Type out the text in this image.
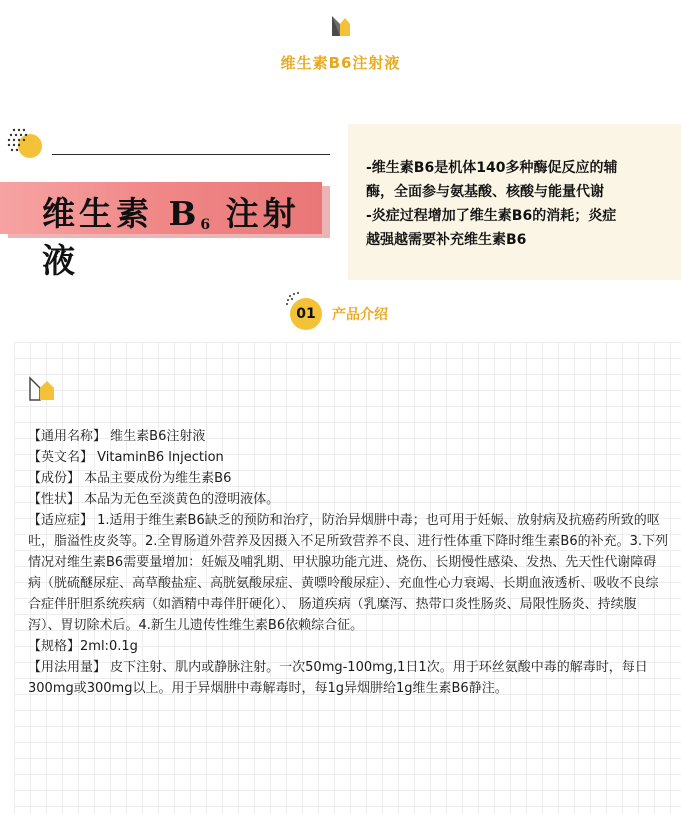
维生素B6注射液
维生素 $B_6$ 注射液
-维生素B6是机体140多种酶促反应的辅
酶，全面参与氨基酸、核酸与能量代谢
-炎症过程增加了维生素B6的消耗；炎症
越强越需要补充维生素B6
01	产品介绍
【通用名称】 维生素B6注射液
【英文名】 VitaminB6 lnjection
【成份】 本品主要成份为维生素B6
【性状】 本品为无色至淡黄色的澄明液体。
【适应症】 1.适用于维生素B6缺乏的预防和治疗，防治异烟肼中毒；也可用于妊娠、放射病及抗癌药所致的呕吐，脂溢性皮炎等。2.全胃肠道外营养及因摄入不足所致营养不良、进行性体重下降时维生素B6的补充。3.下列情况对维生素B6需要量增加：妊娠及哺乳期、甲状腺功能亢进、烧伤、长期慢性感染、发热、先天性代谢障碍病（胱硫醚尿症、高草酸盐症、高胱氨酸尿症、黄嘌呤酸尿症）、充血性心力衰竭、长期血液透析、吸收不良综合症伴肝胆系统疾病（如酒精中毒伴肝硬化）、 肠道疾病（乳糜泻、热带口炎性肠炎、局限性肠炎、持续腹泻）、胃切除术后。4.新生儿遗传性维生素B6依赖综合征。
【规格】2ml:0.1g
【用法用量】 皮下注射、肌内或静脉注射。一次50mg-100mg,1日1次。用于环丝氨酸中毒的解毒时，每日300mg或300mg以上。用于异烟肼中毒解毒时，每1g异烟肼给1g维生素B6静注。
